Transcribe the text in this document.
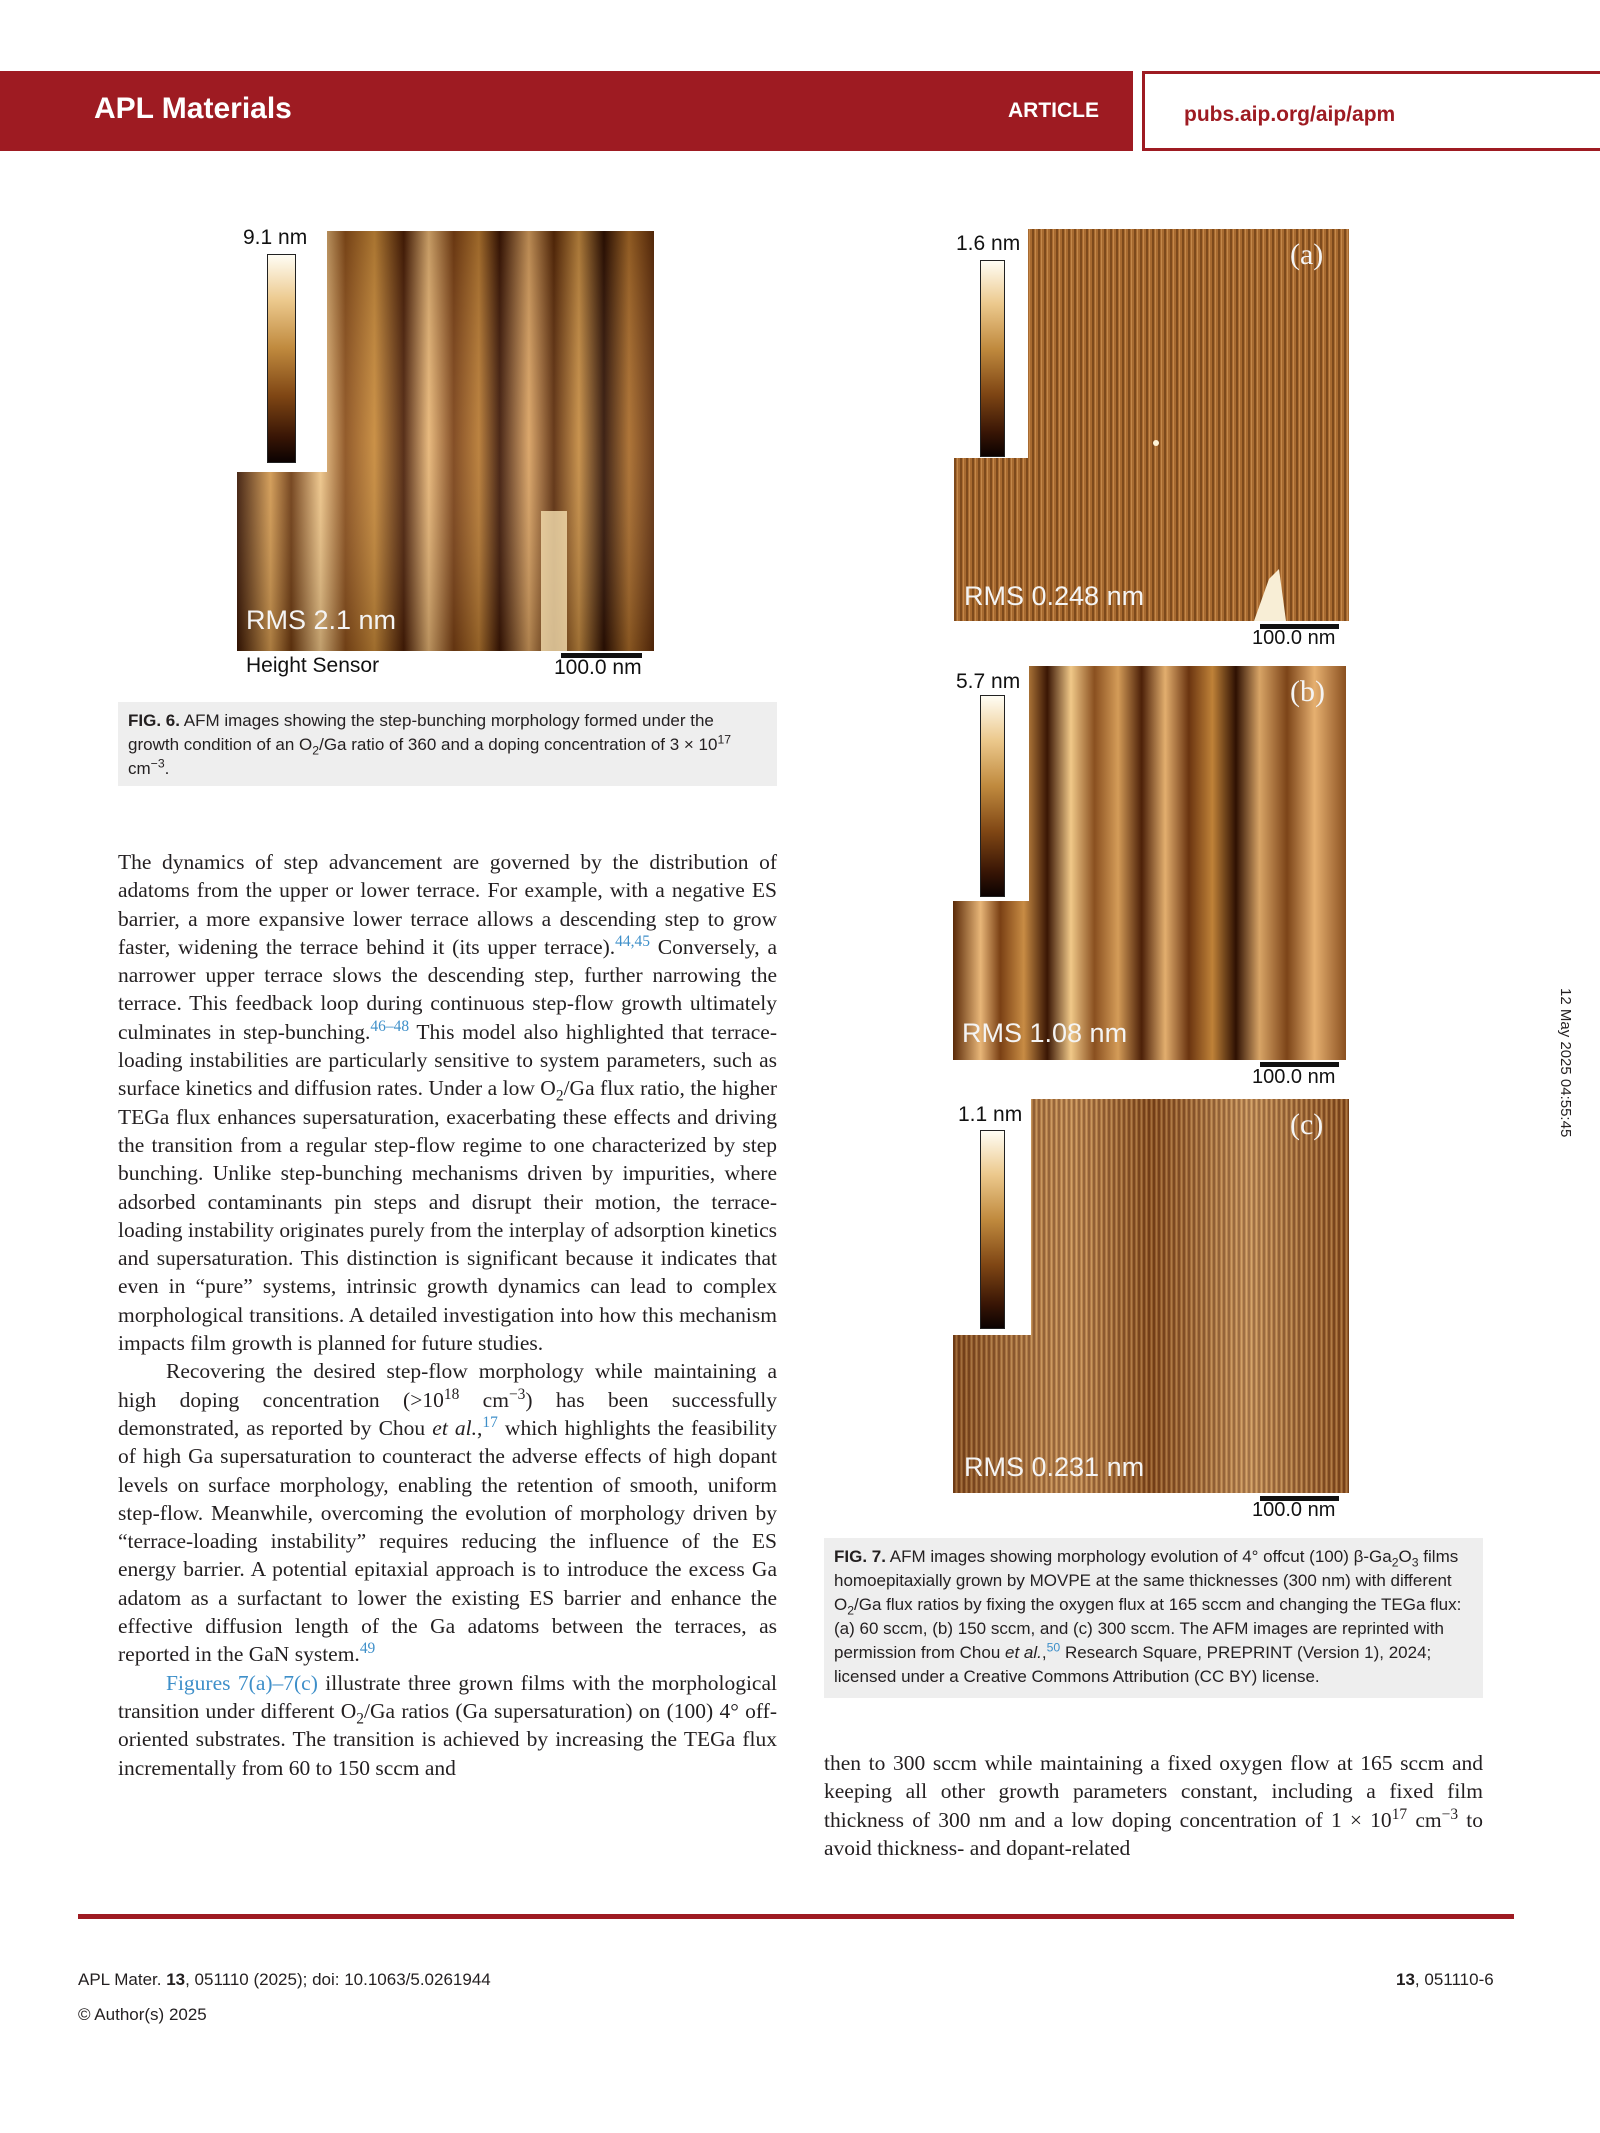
APL Materials	ARTICLE	pubs.aip.org/aip/apm
9.1 nm
RMS 2.1 nm
Height Sensor	100.0 nm
FIG. 6. AFM images showing the step-bunching morphology formed under the growth condition of an $O_2/Ga$ ratio of 360 and a doping concentration of $3 \times 10^{17}$ $cm^{-3}$.
1.6 nm
RMS 0.248 nm
(a)
100.0 nm
5.7 nm
RMS 1.08 nm
(b)
100.0 nm
1.1 nm
RMS 0.231 nm
(c)
100.0 nm
FIG. 7. AFM images showing morphology evolution of 4° offcut (100) $\beta-Ga_2O_3$ films homoepitaxially grown by MOVPE at the same thicknesses (300 nm) with different $O_2/Ga$ flux ratios by fixing the oxygen flux at 165 sccm and changing the TEGa flux: (a) 60 sccm, (b) 150 sccm, and (c) 300 sccm. The AFM images are reprinted with permission from Chou et al.,$^{50}$ Research Square, PREPRINT (Version 1), 2024; licensed under a Creative Commons Attribution (CC BY) license.

The dynamics of step advancement are governed by the distribution of adatoms from the upper or lower terrace. For example, with a negative ES barrier, a more expansive lower terrace allows a descending step to grow faster, widening the terrace behind it (its upper terrace).$^{44,45}$ Conversely, a narrower upper terrace slows the descending step, further narrowing the terrace. This feedback loop during continuous step-flow growth ultimately culminates in step-bunching.$^{46-48}$ This model also highlighted that terrace-loading instabilities are particularly sensitive to system parameters, such as surface kinetics and diffusion rates. Under a low $O_2/Ga$ flux ratio, the higher TEGa flux enhances supersaturation, exacerbating these effects and driving the transition from a regular step-flow regime to one characterized by step bunching. Unlike step-bunching mechanisms driven by impurities, where adsorbed contaminants pin steps and disrupt their motion, the terrace-loading instability originates purely from the interplay of adsorption kinetics and supersaturation. This distinction is significant because it indicates that even in “pure” systems, intrinsic growth dynamics can lead to complex morphological transitions. A detailed investigation into how this mechanism impacts film growth is planned for future studies.

Recovering the desired step-flow morphology while maintaining a high doping concentration ($>10^{18}$ $cm^{-3}$) has been successfully demonstrated, as reported by Chou et al.,$^{17}$ which highlights the feasibility of high Ga supersaturation to counteract the adverse effects of high dopant levels on surface morphology, enabling the retention of smooth, uniform step-flow. Meanwhile, overcoming the evolution of morphology driven by “terrace-loading instability” requires reducing the influence of the ES energy barrier. A potential epitaxial approach is to introduce the excess Ga adatom as a surfactant to lower the existing ES barrier and enhance the effective diffusion length of the Ga adatoms between the terraces, as reported in the GaN system.$^{49}$

Figures 7(a)–7(c) illustrate three grown films with the morphological transition under different $O_2/Ga$ ratios (Ga supersaturation) on (100) 4° off-oriented substrates. The transition is achieved by increasing the TEGa flux incrementally from 60 to 150 sccm and	then to 300 sccm while maintaining a fixed oxygen flow at 165 sccm and keeping all other growth parameters constant, including a fixed film thickness of 300 nm and a low doping concentration of $1 \times 10^{17}$ $cm^{-3}$ to avoid thickness- and dopant-related

12 May 2025 04:55:45
APL Mater. 13, 051110 (2025); doi: 10.1063/5.0261944
© Author(s) 2025
13, 051110-6
